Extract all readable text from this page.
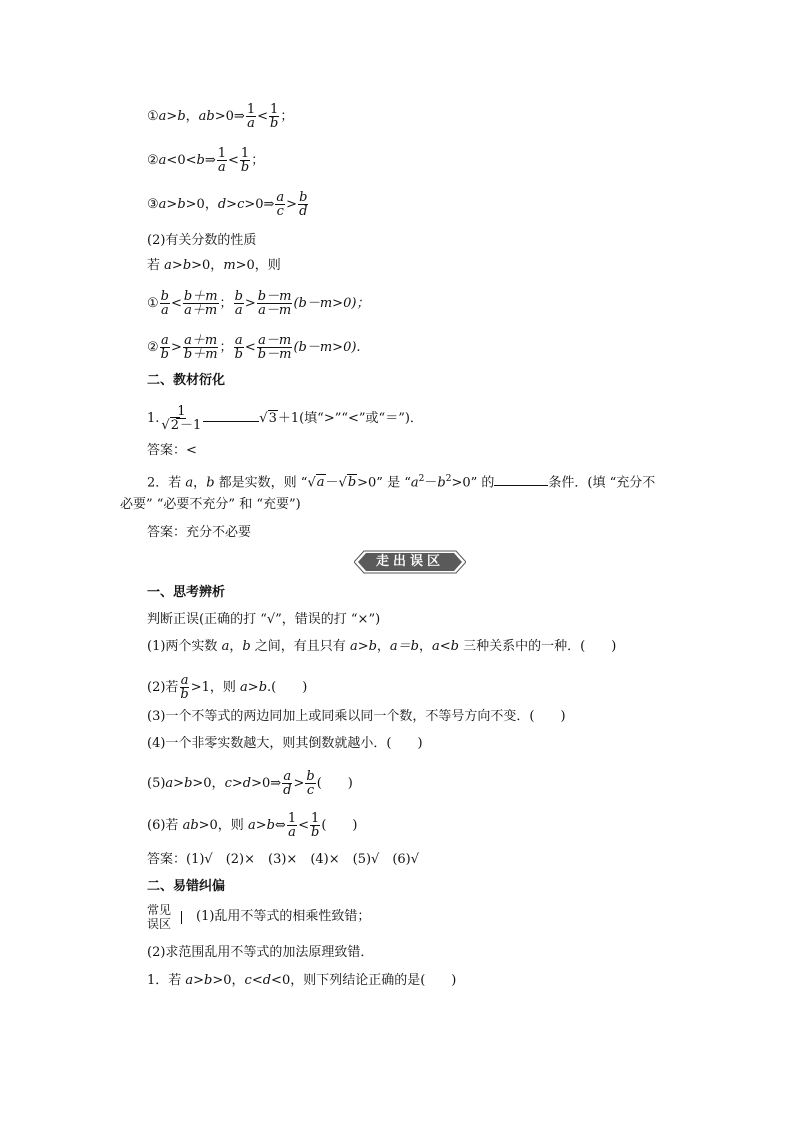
①a>b，ab>0⇒ $\frac{1}{a} < \frac{1}{b}$ ；
②a<0<b⇒ $\frac{1}{a} < \frac{1}{b}$ ；
③a>b>0，d>c>0⇒ $\frac{a}{c} > \frac{b}{d}$
(2)有关分数的性质
若 a>b>0，m>0，则
① $\frac{b}{a} < \frac{b+m}{a+m}$ ； $\frac{b}{a} > \frac{b-m}{a-m} (b-m>0)$；
② $\frac{a}{b} > \frac{a+m}{b+m}$ ； $\frac{a}{b} < \frac{a-m}{b-m} (b-m>0)$.
二、教材衍化
1. $\frac{1}{√2-1}$	√3＋1(填“>”“<”或“＝”)．
答案：<
2．若 a，b 都是实数，则 “√a－√b>0” 是 “$a^2-b^2>0$” 的	条件．(填 “充分不
必要” “必要不充分” 和 “充要”)
答案：充分不必要
走出误区
一、思考辨析
判断正误(正确的打 “√”，错误的打 “×”)
(1)两个实数 a，b 之间，有且只有 a>b，a＝b，a<b 三种关系中的一种．(　　)
(2)若 $\frac{a}{b} >1$，则 a>b.(　　)
(3)一个不等式的两边同加上或同乘以同一个数，不等号方向不变．(　　)
(4)一个非零实数越大，则其倒数就越小．(　　)
(5)a>b>0，c>d>0⇒ $\frac{a}{d} > \frac{b}{c}$ (　　)
(6)若 ab>0，则 a>b⇔ $\frac{1}{a} < \frac{1}{b}$ (　　)
答案：(1)√　(2)×　(3)×　(4)×　(5)√　(6)√
二、易错纠偏
常见
误区 (1)乱用不等式的相乘性致错；
(2)求范围乱用不等式的加法原理致错．
1．若 a>b>0，c<d<0，则下列结论正确的是(　　)
